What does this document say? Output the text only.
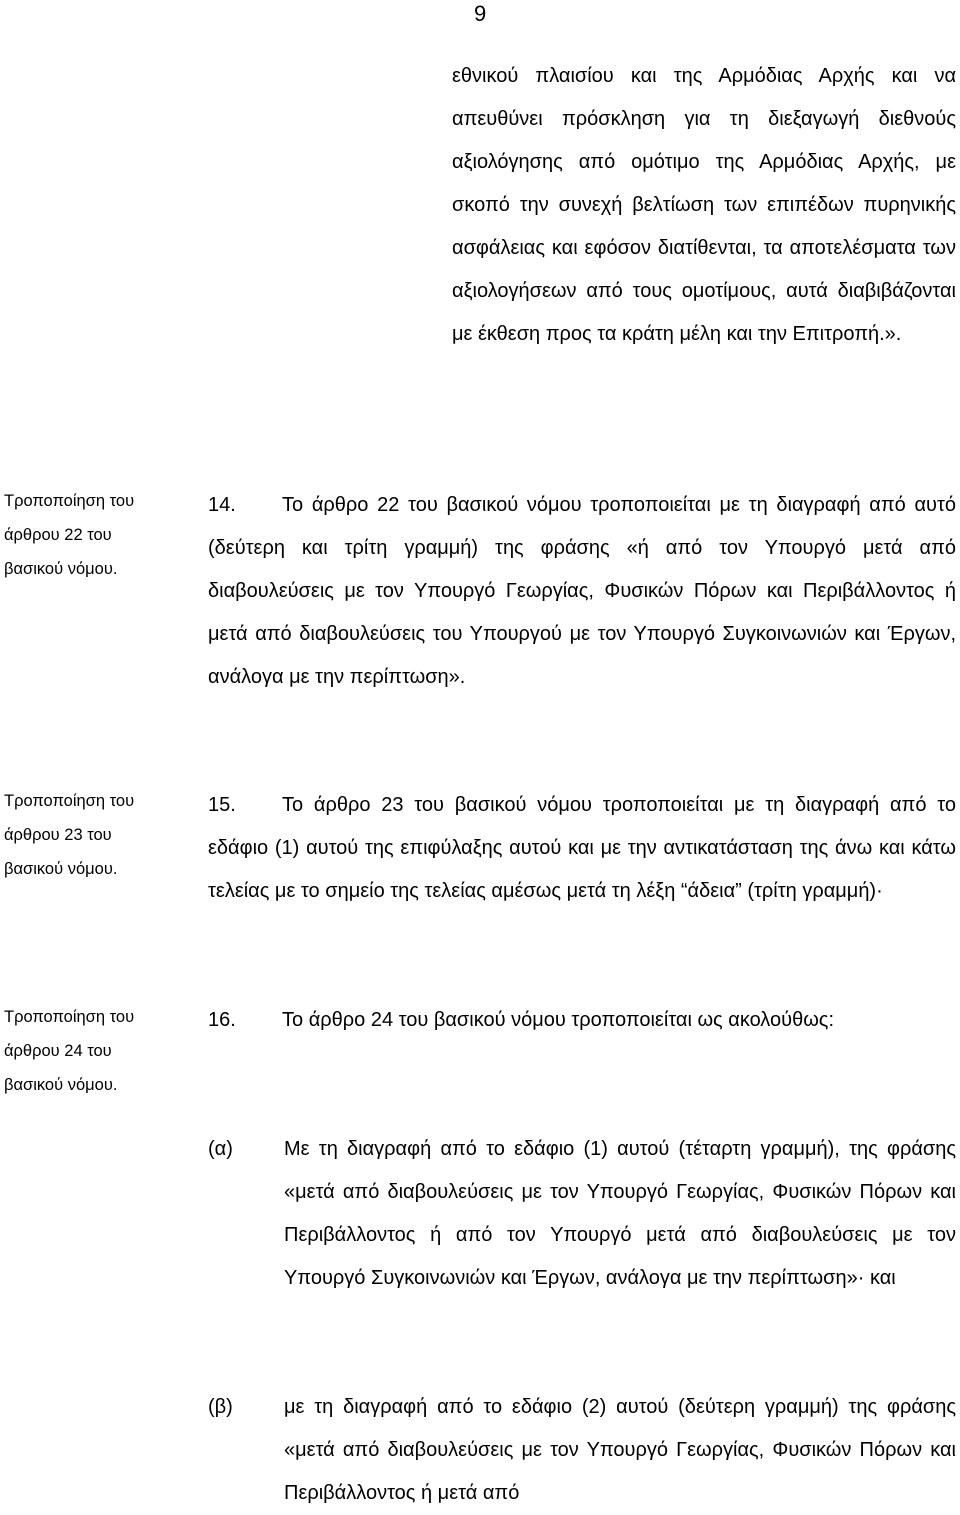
9
εθνικού πλαισίου και της Αρμόδιας Αρχής και να απευθύνει πρόσκληση για τη διεξαγωγή διεθνούς αξιολόγησης από ομότιμο της Αρμόδιας Αρχής, με σκοπό την συνεχή βελτίωση των επιπέδων πυρηνικής ασφάλειας και εφόσον διατίθενται, τα αποτελέσματα των αξιολογήσεων από τους ομοτίμους, αυτά διαβιβάζονται με έκθεση προς τα κράτη μέλη και την Επιτροπή.».
Τροποποίηση του άρθρου 22 του βασικού νόμου.
14. Το άρθρο 22 του βασικού νόμου τροποποιείται με τη διαγραφή από αυτό (δεύτερη και τρίτη γραμμή) της φράσης «ή από τον Υπουργό μετά από διαβουλεύσεις με τον Υπουργό Γεωργίας, Φυσικών Πόρων και Περιβάλλοντος ή μετά από διαβουλεύσεις του Υπουργού με τον Υπουργό Συγκοινωνιών και Έργων, ανάλογα με την περίπτωση».
Τροποποίηση του άρθρου 23 του βασικού νόμου.
15. Το άρθρο 23 του βασικού νόμου τροποποιείται με τη διαγραφή από το εδάφιο (1) αυτού της επιφύλαξης αυτού και με την αντικατάσταση της άνω και κάτω τελείας με το σημείο της τελείας αμέσως μετά τη λέξη “άδεια” (τρίτη γραμμή)·
Τροποποίηση του άρθρου 24 του βασικού νόμου.
16. Το άρθρο 24 του βασικού νόμου τροποποιείται ως ακολούθως:
(α)	Με τη διαγραφή από το εδάφιο (1) αυτού (τέταρτη γραμμή), της φράσης «μετά από διαβουλεύσεις με τον Υπουργό Γεωργίας, Φυσικών Πόρων και Περιβάλλοντος ή από τον Υπουργό μετά από διαβουλεύσεις με τον Υπουργό Συγκοινωνιών και Έργων, ανάλογα με την περίπτωση»· και
(β)	με τη διαγραφή από το εδάφιο (2) αυτού (δεύτερη γραμμή) της φράσης «μετά από διαβουλεύσεις με τον Υπουργό Γεωργίας, Φυσικών Πόρων και Περιβάλλοντος ή μετά από
